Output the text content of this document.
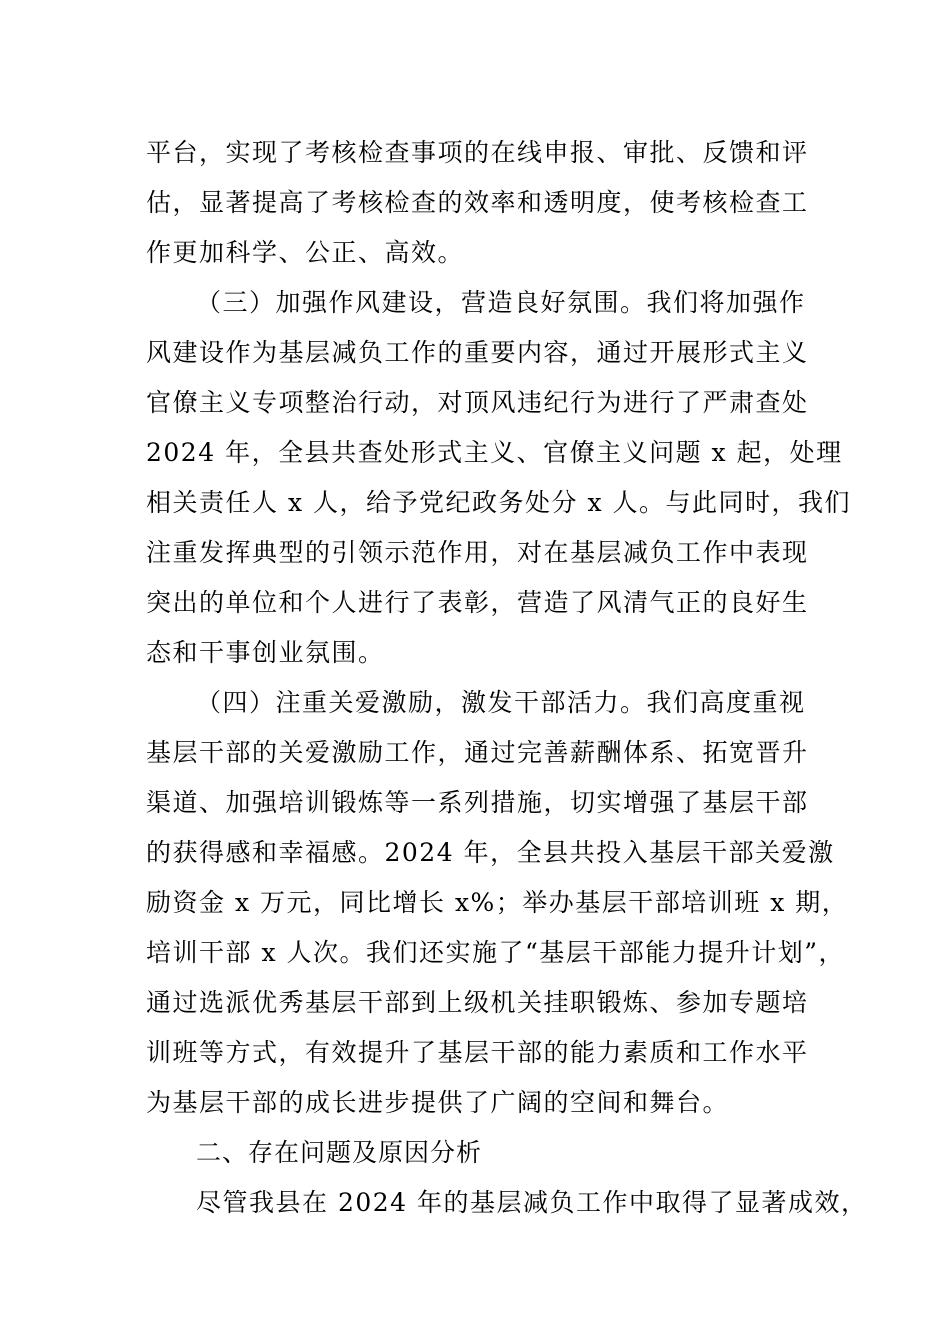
平台，实现了考核检查事项的在线申报、审批、反馈和评
估，显著提高了考核检查的效率和透明度，使考核检查工
作更加科学、公正、高效。
（三）加强作风建设，营造良好氛围。我们将加强作
风建设作为基层减负工作的重要内容，通过开展形式主义
官僚主义专项整治行动，对顶风违纪行为进行了严肃查处
2024 年，全县共查处形式主义、官僚主义问题 x 起，处理
相关责任人 x 人，给予党纪政务处分 x 人。与此同时，我们
注重发挥典型的引领示范作用，对在基层减负工作中表现
突出的单位和个人进行了表彰，营造了风清气正的良好生
态和干事创业氛围。
（四）注重关爱激励，激发干部活力。我们高度重视
基层干部的关爱激励工作，通过完善薪酬体系、拓宽晋升
渠道、加强培训锻炼等一系列措施，切实增强了基层干部
的获得感和幸福感。2024 年，全县共投入基层干部关爱激
励资金 x 万元，同比增长 x%；举办基层干部培训班 x 期，
培训干部 x 人次。我们还实施了“基层干部能力提升计划”，
通过选派优秀基层干部到上级机关挂职锻炼、参加专题培
训班等方式，有效提升了基层干部的能力素质和工作水平
为基层干部的成长进步提供了广阔的空间和舞台。
二、存在问题及原因分析
尽管我县在 2024 年的基层减负工作中取得了显著成效，
